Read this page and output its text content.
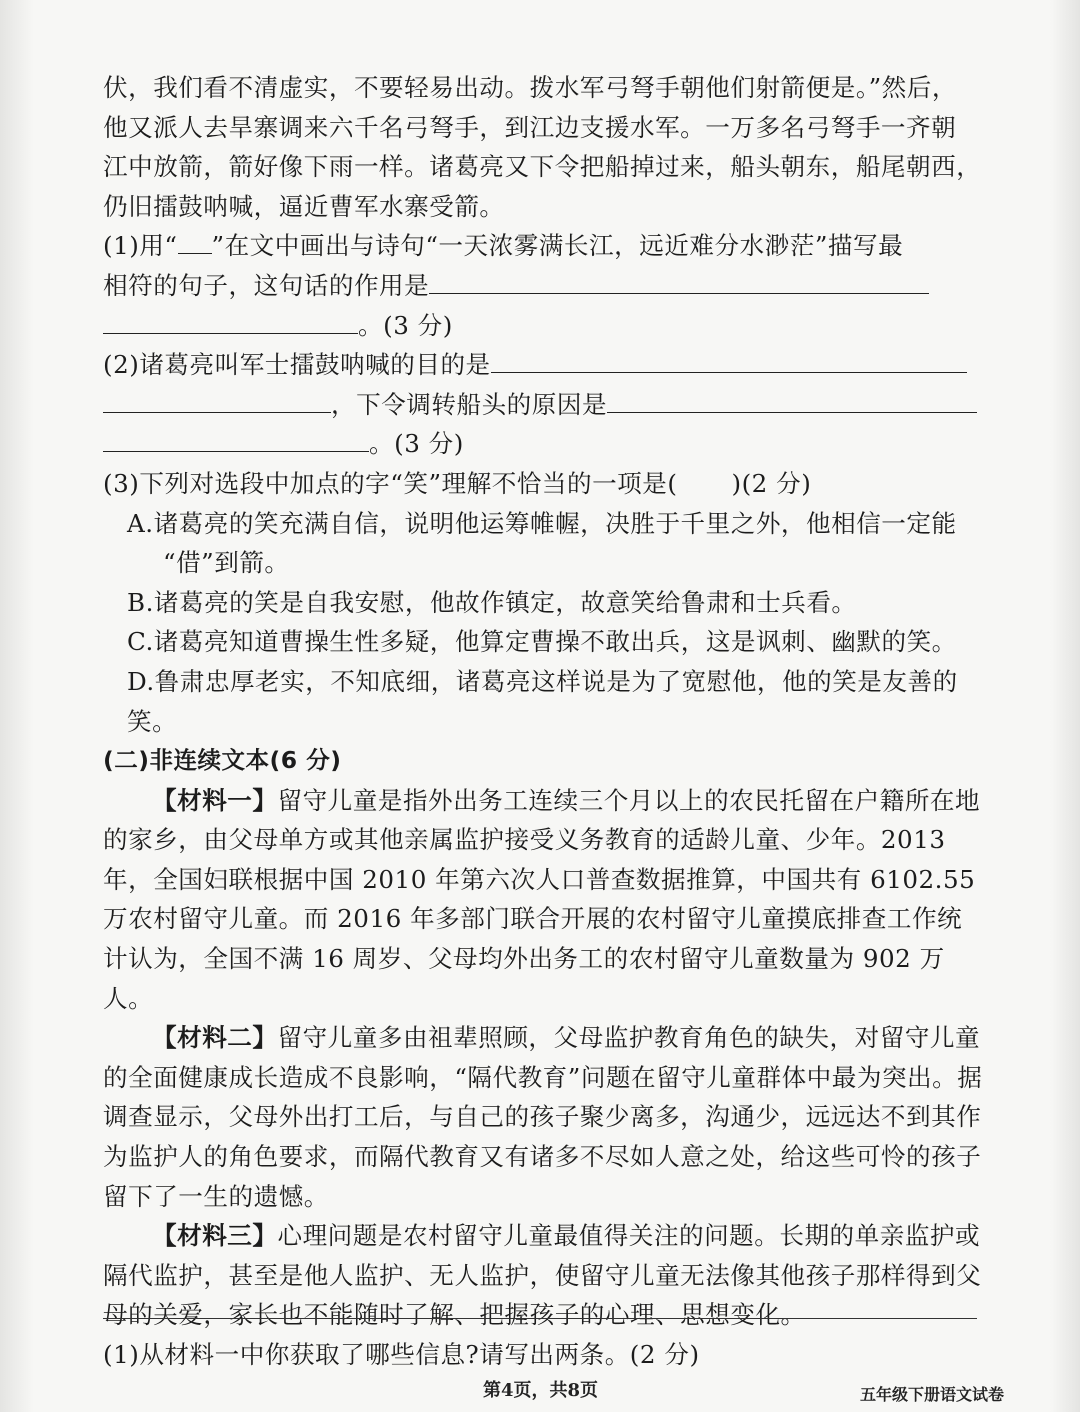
伏，我们看不清虚实，不要轻易出动。拨水军弓弩手朝他们射箭便是。”然后，

他又派人去旱寨调来六千名弓弩手，到江边支援水军。一万多名弓弩手一齐朝

江中放箭，箭好像下雨一样。诸葛亮又下令把船掉过来，船头朝东，船尾朝西，

仍旧擂鼓呐喊，逼近曹军水寨受箭。

(1)用“ ”在文中画出与诗句“一天浓雾满长江，远近难分水渺茫”描写最

相符的句子，这句话的作用是

。(3 分)

(2)诸葛亮叫军士擂鼓呐喊的目的是

，下令调转船头的原因是

。(3 分)

(3)下列对选段中加点的字“笑”理解不恰当的一项是( )(2 分)

A.诸葛亮的笑充满自信，说明他运筹帷幄，决胜于千里之外，他相信一定能

“借”到箭。

B.诸葛亮的笑是自我安慰，他故作镇定，故意笑给鲁肃和士兵看。

C.诸葛亮知道曹操生性多疑，他算定曹操不敢出兵，这是讽刺、幽默的笑。

D.鲁肃忠厚老实，不知底细，诸葛亮这样说是为了宽慰他，他的笑是友善的笑。

(二)非连续文本(6 分)

【材料一】留守儿童是指外出务工连续三个月以上的农民托留在户籍所在地的家乡，由父母单方或其他亲属监护接受义务教育的适龄儿童、少年。2013 年，全国妇联根据中国 2010 年第六次人口普查数据推算，中国共有 6102.55 万农村留守儿童。而 2016 年多部门联合开展的农村留守儿童摸底排查工作统计认为，全国不满 16 周岁、父母均外出务工的农村留守儿童数量为 902 万人。

【材料二】留守儿童多由祖辈照顾，父母监护教育角色的缺失，对留守儿童的全面健康成长造成不良影响，“隔代教育”问题在留守儿童群体中最为突出。据调查显示，父母外出打工后，与自己的孩子聚少离多，沟通少，远远达不到其作为监护人的角色要求，而隔代教育又有诸多不尽如人意之处，给这些可怜的孩子留下了一生的遗憾。

【材料三】心理问题是农村留守儿童最值得关注的问题。长期的单亲监护或隔代监护，甚至是他人监护、无人监护，使留守儿童无法像其他孩子那样得到父母的关爱，家长也不能随时了解、把握孩子的心理、思想变化。

(1)从材料一中你获取了哪些信息?请写出两条。(2 分)

第4页，共8页	五年级下册语文试卷
